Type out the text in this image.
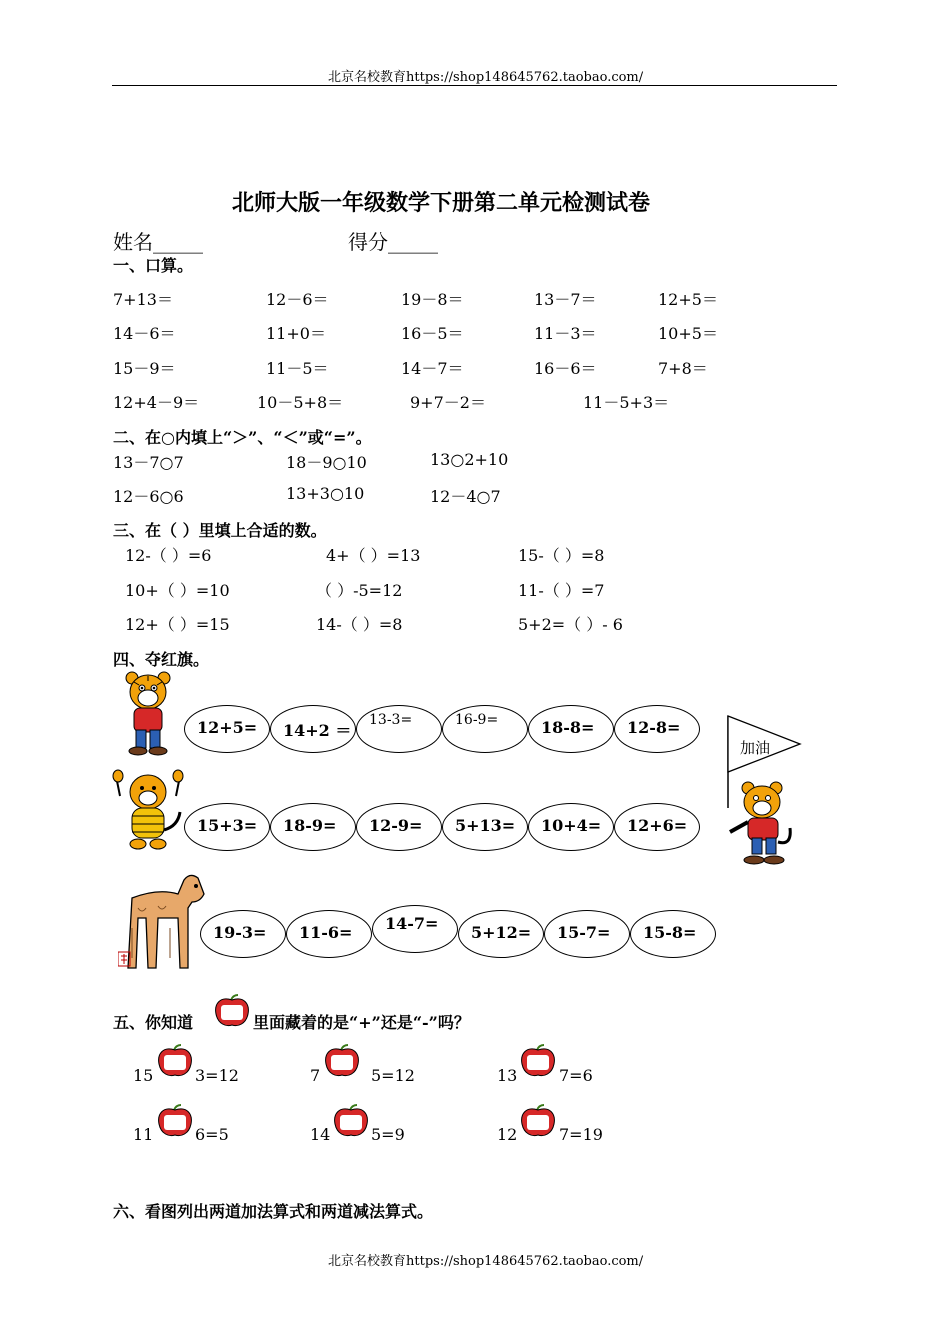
北京名校教育https://shop148645762.taobao.com/
北师大版一年级数学下册第二单元检测试卷
姓名_____	得分_____
一、口算。
7+13＝	12－6＝	19－8＝	13－7＝	12+5＝
14－6＝	11+0＝	16－5＝	11－3＝	10+5＝
15－9＝	11－5＝	14－7＝	16－6＝	7+8＝
12+4－9＝	10－5+8＝	9+7－2＝	11－5+3＝
二、在○内填上“＞”、“＜”或“=”。
13－7○7	18－9○10	13○2+10
12－6○6	13+3○10	12－4○7
三、在（ ）里填上合适的数。
12-（ ）=6	4+（ ）=13	15-（ ）=8
10+（ ）=10	（ ）-5=12	11-（ ）=7
12+（ ）=15	14-（ ）=8	5+2=（ ）- 6
四、夺红旗。
12+5= 14+2 ＝
13-3=	16-9=	18-8= 12-8=
加油
15+3= 18-9= 12-9= 5+13= 10+4= 12+6=
19-3= 11-6= 14-7= 5+12= 15-7= 15-8=
五、你知道	里面藏着的是“+”还是“-”吗？
15	3=12	7	5=12	13	7=6
11	6=5	14	5=9	12	7=19
六、看图列出两道加法算式和两道减法算式。
北京名校教育https://shop148645762.taobao.com/
